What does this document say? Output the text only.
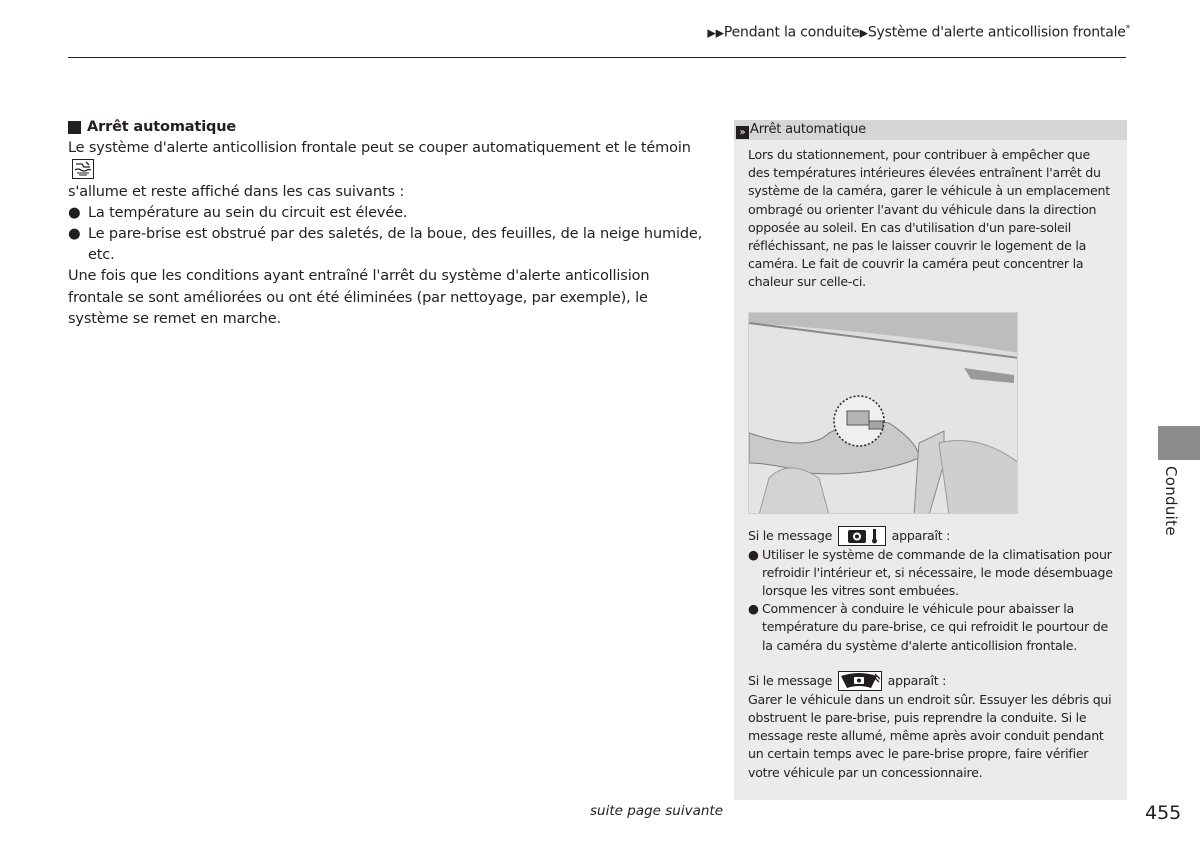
▶▶Pendant la conduite▶Système d'alerte anticollision frontale*
Arrêt automatique

Le système d'alerte anticollision frontale peut se couper automatiquement et le témoin
s'allume et reste affiché dans les cas suivants :

● La température au sein du circuit est élevée.
● Le pare-brise est obstrué par des saletés, de la boue, des feuilles, de la neige humide, etc.

Une fois que les conditions ayant entraîné l'arrêt du système d'alerte anticollision frontale se sont améliorées ou ont été éliminées (par nettoyage, par exemple), le système se remet en marche.

» Arrêt automatique

Lors du stationnement, pour contribuer à empêcher que des températures intérieures élevées entraînent l'arrêt du système de la caméra, garer le véhicule à un emplacement ombragé ou orienter l'avant du véhicule dans la direction opposée au soleil. En cas d'utilisation d'un pare-soleil réfléchissant, ne pas le laisser couvrir le logement de la caméra. Le fait de couvrir la caméra peut concentrer la chaleur sur celle-ci.

Si le message	apparaît :

● Utiliser le système de commande de la climatisation pour refroidir l'intérieur et, si nécessaire, le mode désembuage lorsque les vitres sont embuées.
● Commencer à conduire le véhicule pour abaisser la température du pare-brise, ce qui refroidit le pourtour de la caméra du système d'alerte anticollision frontale.

Si le message	apparaît :

Garer le véhicule dans un endroit sûr. Essuyer les débris qui obstruent le pare-brise, puis reprendre la conduite. Si le message reste allumé, même après avoir conduit pendant un certain temps avec le pare-brise propre, faire vérifier votre véhicule par un concessionnaire.

Conduite
suite page suivante	455
